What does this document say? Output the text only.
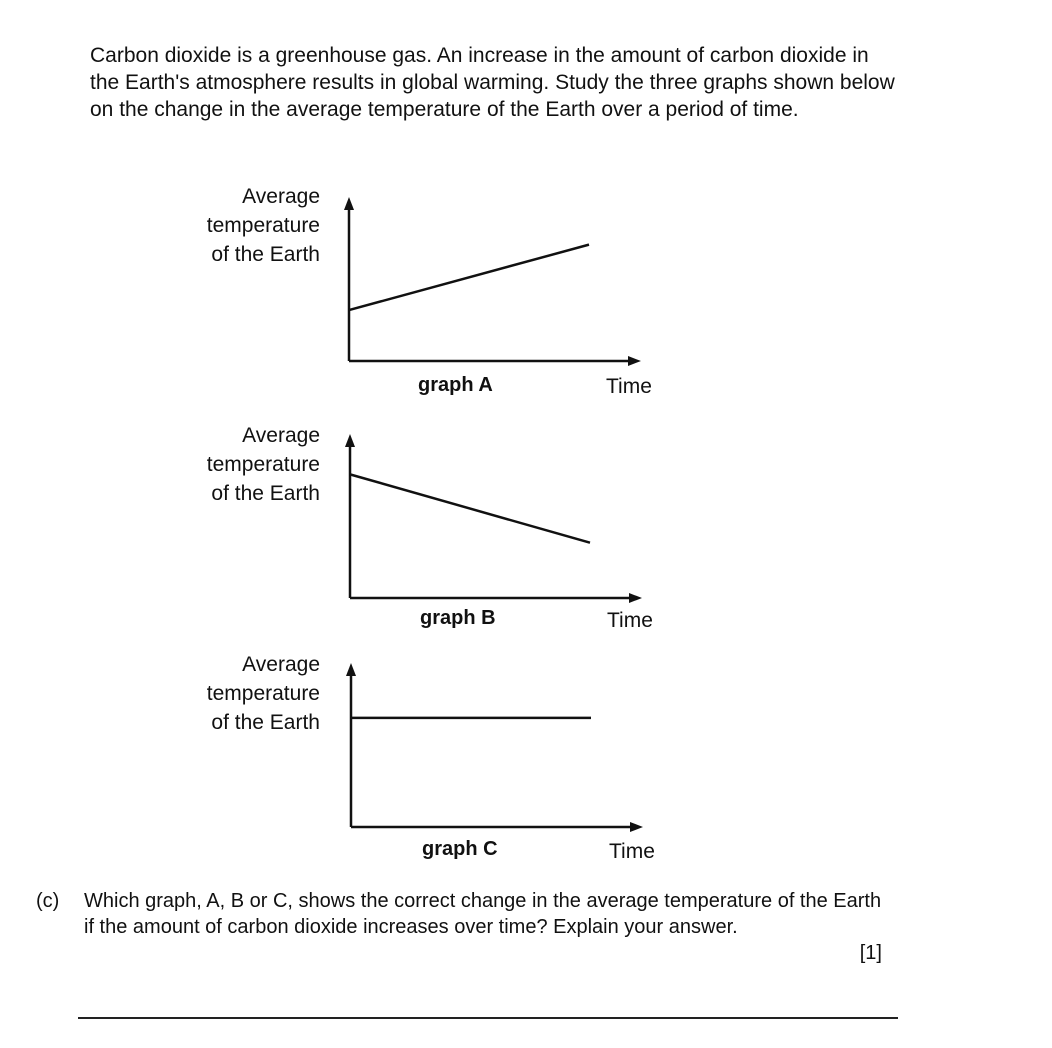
Carbon dioxide is a greenhouse gas. An increase in the amount of carbon dioxide in the Earth's atmosphere results in global warming. Study the three graphs shown below on the change in the average temperature of the Earth over a period of time.

Average
temperature
of the Earth
graph A	Time
Average
temperature
of the Earth
graph B	Time
Average
temperature
of the Earth
graph C	Time
(c) Which graph, A, B or C, shows the correct change in the average temperature of the Earth if the amount of carbon dioxide increases over time? Explain your answer.
[1]
